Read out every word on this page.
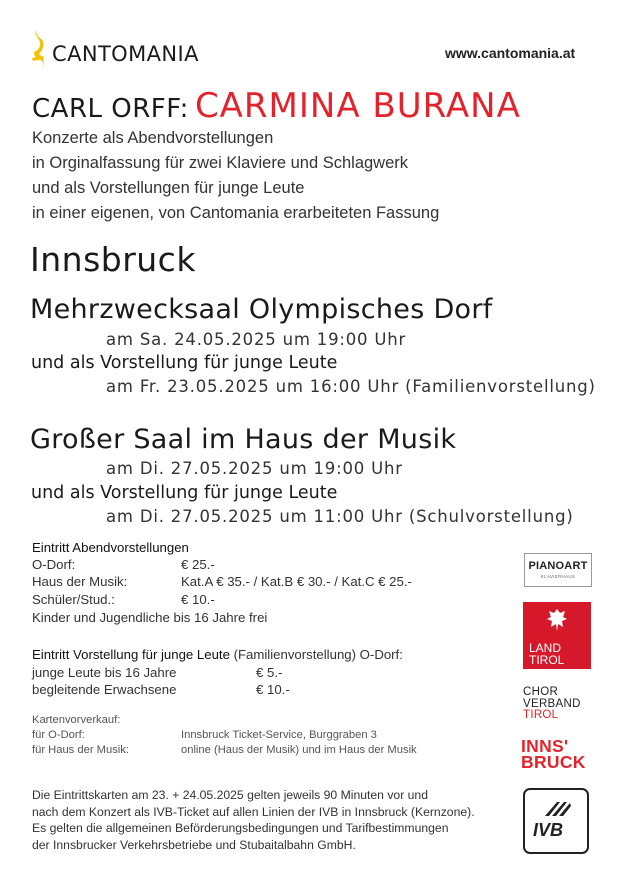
CANTOMANIA	www.cantomania.at
CARL ORFF: CARMINA BURANA
Konzerte als Abendvorstellungen
in Orginalfassung für zwei Klaviere und Schlagwerk
und als Vorstellungen für junge Leute
in einer eigenen, von Cantomania erarbeiteten Fassung
Innsbruck
Mehrzwecksaal Olympisches Dorf
am Sa. 24.05.2025 um 19:00 Uhr
und als Vorstellung für junge Leute
am Fr. 23.05.2025 um 16:00 Uhr (Familienvorstellung)
Großer Saal im Haus der Musik
am Di. 27.05.2025 um 19:00 Uhr
und als Vorstellung für junge Leute
am Di. 27.05.2025 um 11:00 Uhr (Schulvorstellung)
Eintritt Abendvorstellungen
O-Dorf:	€ 25.-
Haus der Musik:	Kat.A € 35.- / Kat.B € 30.- / Kat.C € 25.-
Schüler/Stud.:	€ 10.-
Kinder und Jugendliche bis 16 Jahre frei
Eintritt Vorstellung für junge Leute (Familienvorstellung) O-Dorf:
junge Leute bis 16 Jahre	€ 5.-
begleitende Erwachsene	€ 10.-
Kartenvorverkauf:
für O-Dorf:	Innsbruck Ticket-Service, Burggraben 3
für Haus der Musik:	online (Haus der Musik) und im Haus der Musik
Die Eintrittskarten am 23. + 24.05.2025 gelten jeweils 90 Minuten vor und
nach dem Konzert als IVB-Ticket auf allen Linien der IVB in Innsbruck (Kernzone).
Es gelten die allgemeinen Beförderungsbedingungen und Tarifbestimmungen
der Innsbrucker Verkehrsbetriebe und Stubaitalbahn GmbH.
PIANOART
KLAVIERHAUS
LAND
TIROL
CHOR
VERBAND
TIROL
INNS'
BRUCK
IVB
